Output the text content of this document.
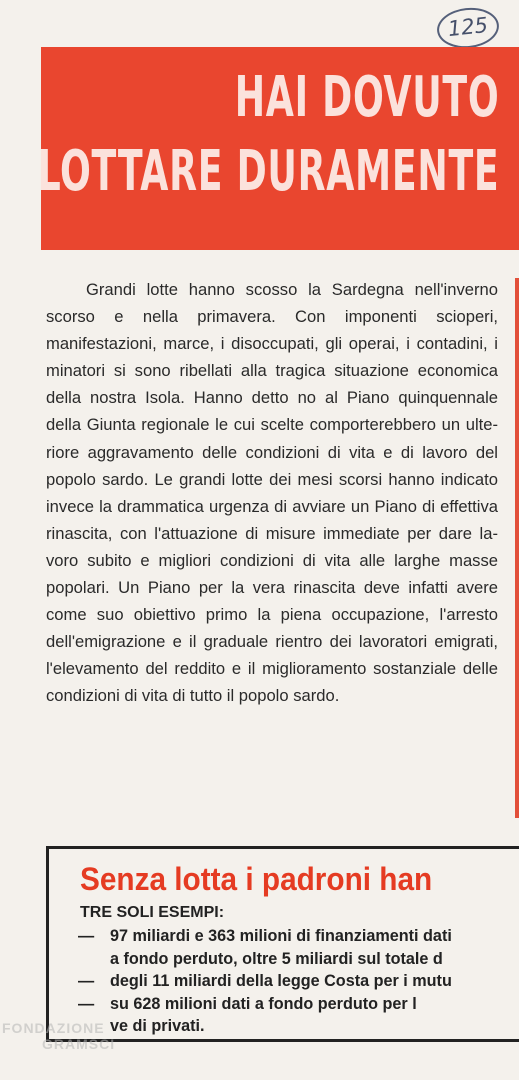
125
HAI DOVUTO
LOTTARE DURAMENTE

Grandi lotte hanno scosso la Sardegna nell'inverno scorso e nella primavera. Con imponenti scioperi, manifestazioni, marce, i disoccupati, gli operai, i contadini, i minatori si sono ribellati alla tragica situazione economica della nostra Isola. Hanno detto no al Piano quinquennale della Giunta regionale le cui scelte comporterebbero un ulteriore aggravamento delle condizioni di vita e di lavoro del popolo sardo. Le grandi lotte dei mesi scorsi hanno indicato invece la drammatica urgenza di avviare un Piano di effettiva rinascita, con l'attuazione di misure immediate per dare lavoro subito e migliori condizioni di vita alle larghe masse popolari. Un Piano per la vera rinascita deve infatti avere come suo obiettivo primo la piena occupazione, l'arresto dell'emigrazione e il graduale rientro dei lavoratori emigrati, l'elevamento del reddito e il miglioramento sostanziale delle condizioni di vita di tutto il popolo sardo.

Senza lotta i padroni han
TRE SOLI ESEMPI:
— 97 miliardi e 363 milioni di finanziamenti dati
a fondo perduto, oltre 5 miliardi sul totale d
— degli 11 miliardi della legge Costa per i mutu
— su 628 milioni dati a fondo perduto per l
ve di privati.
FONDAZIONE
GRAMSCI
